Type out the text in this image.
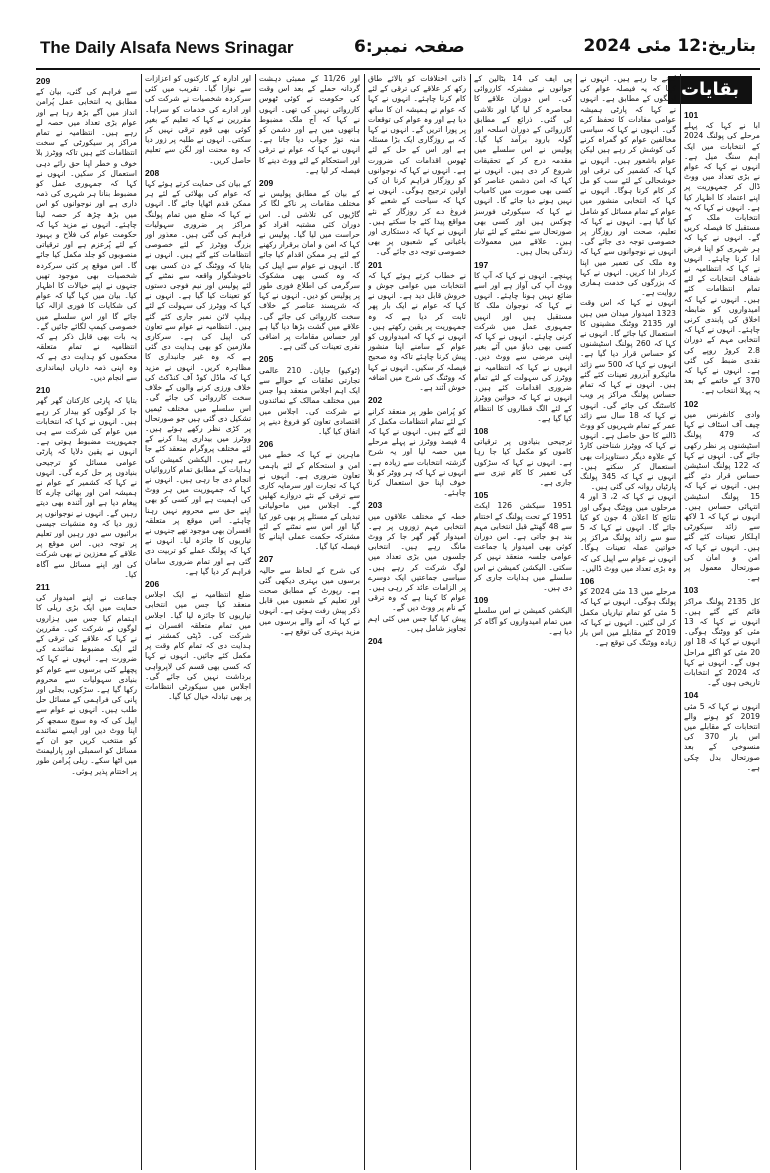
The Daily Alsafa News Srinagar	صفحہ نمبر:6	بتاریخ:12 مئی 2024
بقایات
209

سے فراہم کی گئی، بیان کے مطابق یہ انتخابی عمل پُرامن انداز میں آگے بڑھ رہا ہے اور عوام بڑی تعداد میں حصہ لے رہے ہیں۔ انتظامیہ نے تمام مراکز پر سیکورٹی کے سخت انتظامات کئے ہیں تاکہ ووٹرز بلا خوف و خطر اپنا حق رائے دہی استعمال کر سکیں۔ انہوں نے کہا کہ جمہوری عمل کو مضبوط بنانا ہر شہری کی ذمہ داری ہے اور نوجوانوں کو اس میں بڑھ چڑھ کر حصہ لینا چاہئے۔ انہوں نے مزید کہا کہ حکومت عوام کی فلاح و بہبود کے لئے پُرعزم ہے اور ترقیاتی منصوبوں کو جلد مکمل کیا جائے گا۔ اس موقع پر کئی سرکردہ شخصیات بھی موجود تھیں جنہوں نے اپنے خیالات کا اظہار کیا۔ بیان میں کہا گیا کہ عوام کی شکایات کا فوری ازالہ کیا جائے گا اور اس سلسلے میں خصوصی کیمپ لگائے جائیں گے۔ یہ بات بھی قابل ذکر ہے کہ انتظامیہ نے تمام متعلقہ محکموں کو ہدایت دی ہے کہ وہ اپنی ذمہ داریاں ایمانداری سے انجام دیں۔

210

بتایا کہ پارٹی کارکنان گھر گھر جا کر لوگوں کو بیدار کر رہے ہیں۔ انہوں نے کہا کہ انتخابات میں عوام کی شرکت سے ہی جمہوریت مضبوط ہوتی ہے۔ انہوں نے یقین دلایا کہ پارٹی عوامی مسائل کو ترجیحی بنیادوں پر حل کرے گی۔ انہوں نے کہا کہ کشمیر کے عوام نے ہمیشہ امن اور بھائی چارے کا پیغام دیا ہے اور آئندہ بھی دیتے رہیں گے۔ انہوں نے نوجوانوں پر زور دیا کہ وہ منشیات جیسی برائیوں سے دور رہیں اور تعلیم پر توجہ دیں۔ اس موقع پر علاقے کے معززین نے بھی شرکت کی اور اپنے مسائل سے آگاہ کیا۔

211

جماعت نے اپنے امیدوار کی حمایت میں ایک بڑی ریلی کا اہتمام کیا جس میں ہزاروں لوگوں نے شرکت کی۔ مقررین نے کہا کہ علاقے کی ترقی کے لئے ایک مضبوط نمائندے کی ضرورت ہے۔ انہوں نے کہا کہ پچھلے کئی برسوں سے عوام کو بنیادی سہولیات سے محروم رکھا گیا ہے۔ سڑکوں، بجلی اور پانی کی فراہمی کے مسائل حل طلب ہیں۔ انہوں نے عوام سے اپیل کی کہ وہ سوچ سمجھ کر اپنا ووٹ دیں اور ایسے نمائندے کو منتخب کریں جو ان کے مسائل کو اسمبلی اور پارلیمنٹ میں اٹھا سکے۔ ریلی پُرامن طور پر اختتام پذیر ہوئی۔

اور ادارہ کے کارکنوں کو اعزازات سے نوازا گیا۔ تقریب میں کئی سرکردہ شخصیات نے شرکت کی اور ادارے کی خدمات کو سراہا۔ مقررین نے کہا کہ تعلیم کے بغیر کوئی بھی قوم ترقی نہیں کر سکتی۔ انہوں نے طلبہ پر زور دیا کہ وہ محنت اور لگن سے تعلیم حاصل کریں۔

208

کے بیان کی حمایت کرتے ہوئے کہا کہ عوام کی بھلائی کے لئے ہر ممکن قدم اٹھایا جائے گا۔ انہوں نے کہا کہ ضلع میں تمام پولنگ مراکز پر ضروری سہولیات فراہم کی گئی ہیں۔ معذور اور بزرگ ووٹرز کے لئے خصوصی انتظامات کئے گئے ہیں۔ انہوں نے بتایا کہ ووٹنگ کے دن کسی بھی ناخوشگوار واقعہ سے نمٹنے کے لئے پولیس اور نیم فوجی دستوں کو تعینات کیا گیا ہے۔ انہوں نے کہا کہ ووٹرز کی سہولت کے لئے ہیلپ لائن نمبر جاری کئے گئے ہیں۔ انتظامیہ نے عوام سے تعاون کی اپیل کی ہے۔ سرکاری ملازمین کو بھی ہدایت دی گئی ہے کہ وہ غیر جانبداری کا مظاہرہ کریں۔ انہوں نے مزید کہا کہ ماڈل کوڈ آف کنڈکٹ کی خلاف ورزی کرنے والوں کے خلاف سخت کارروائی کی جائے گی۔ اس سلسلے میں مختلف ٹیمیں تشکیل دی گئی ہیں جو صورتحال پر کڑی نظر رکھے ہوئے ہیں۔ ووٹرز میں بیداری پیدا کرنے کے لئے مختلف پروگرام منعقد کئے جا رہے ہیں۔ الیکشن کمیشن کی ہدایات کے مطابق تمام کارروائیاں انجام دی جا رہی ہیں۔ انہوں نے کہا کہ جمہوریت میں ہر ووٹ کی اہمیت ہے اور کسی کو بھی اپنے حق سے محروم نہیں رہنا چاہئے۔ اس موقع پر متعلقہ افسران بھی موجود تھے جنہوں نے تیاریوں کا جائزہ لیا۔ انہوں نے کہا کہ پولنگ عملے کو تربیت دی گئی ہے اور تمام ضروری سامان فراہم کر دیا گیا ہے۔

206

ضلع انتظامیہ نے ایک اجلاس منعقد کیا جس میں انتخابی تیاریوں کا جائزہ لیا گیا۔ اجلاس میں تمام متعلقہ افسران نے شرکت کی۔ ڈپٹی کمشنر نے ہدایت دی کہ تمام کام وقت پر مکمل کئے جائیں۔ انہوں نے کہا کہ کسی بھی قسم کی لاپرواہی برداشت نہیں کی جائے گی۔ اجلاس میں سیکورٹی انتظامات پر بھی تبادلہ خیال کیا گیا۔

اور 11/26 کے ممبئی دہشت گردانہ حملے کے بعد اس وقت کی حکومت نے کوئی ٹھوس کارروائی نہیں کی تھی۔ انہوں نے کہا کہ آج ملک مضبوط ہاتھوں میں ہے اور دشمن کو منہ توڑ جواب دیا جاتا ہے۔ انہوں نے کہا کہ عوام نے ترقی اور استحکام کے لئے ووٹ دینے کا فیصلہ کر لیا ہے۔

209

کے بیان کے مطابق پولیس نے مختلف مقامات پر ناکے لگا کر گاڑیوں کی تلاشی لی۔ اس دوران کئی مشتبہ افراد کو حراست میں لیا گیا۔ پولیس نے کہا کہ امن و امان برقرار رکھنے کے لئے ہر ممکن اقدام کیا جائے گا۔ انہوں نے عوام سے اپیل کی کہ وہ کسی بھی مشکوک سرگرمی کی اطلاع فوری طور پر پولیس کو دیں۔ انہوں نے کہا کہ شرپسند عناصر کے خلاف سخت کارروائی کی جائے گی۔ علاقے میں گشت بڑھا دیا گیا ہے اور حساس مقامات پر اضافی نفری تعینات کی گئی ہے۔

205

(ٹوکیو) جاپان۔ 210 عالمی تجارتی تعلقات کے حوالے سے ایک اہم اجلاس منعقد ہوا جس میں مختلف ممالک کے نمائندوں نے شرکت کی۔ اجلاس میں اقتصادی تعاون کو فروغ دینے پر اتفاق کیا گیا۔

206

ماہرین نے کہا کہ خطے میں امن و استحکام کے لئے باہمی تعاون ضروری ہے۔ انہوں نے کہا کہ تجارت اور سرمایہ کاری سے ترقی کے نئے دروازے کھلیں گے۔ اجلاس میں ماحولیاتی تبدیلی کے مسئلے پر بھی غور کیا گیا اور اس سے نمٹنے کے لئے مشترکہ حکمت عملی اپنانے کا فیصلہ کیا گیا۔

207

کی شرح کے لحاظ سے حالیہ برسوں میں بہتری دیکھی گئی ہے۔ رپورٹ کے مطابق صحت اور تعلیم کے شعبوں میں قابل ذکر پیش رفت ہوئی ہے۔ انہوں نے کہا کہ آنے والے برسوں میں مزید بہتری کی توقع ہے۔

ذاتی اختلافات کو بالائے طاق رکھ کر علاقے کی ترقی کے لئے کام کرنا چاہئے۔ انہوں نے کہا کہ عوام نے ہمیشہ ان کا ساتھ دیا ہے اور وہ عوام کی توقعات پر پورا اتریں گے۔ انہوں نے کہا کہ بے روزگاری ایک بڑا مسئلہ ہے اور اس کے حل کے لئے ٹھوس اقدامات کی ضرورت ہے۔ انہوں نے کہا کہ نوجوانوں کو روزگار فراہم کرنا ان کی اولین ترجیح ہوگی۔ انہوں نے کہا کہ سیاحت کے شعبے کو فروغ دے کر روزگار کے نئے مواقع پیدا کئے جا سکتے ہیں۔ انہوں نے کہا کہ دستکاری اور باغبانی کے شعبوں پر بھی خصوصی توجہ دی جائے گی۔

201

نے خطاب کرتے ہوئے کہا کہ انتخابات میں عوامی جوش و خروش قابل دید ہے۔ انہوں نے کہا کہ عوام نے ایک بار پھر ثابت کر دیا ہے کہ وہ جمہوریت پر یقین رکھتے ہیں۔ انہوں نے کہا کہ امیدواروں کو عوام کے سامنے اپنا منشور پیش کرنا چاہئے تاکہ وہ صحیح فیصلہ کر سکیں۔ انہوں نے کہا کہ ووٹنگ کی شرح میں اضافہ خوش آئند ہے۔

202

کو پُرامن طور پر منعقد کرانے کے لئے تمام انتظامات مکمل کر لئے گئے ہیں۔ انہوں نے کہا کہ 4 فیصد ووٹرز نے پہلے مرحلے میں حصہ لیا اور یہ شرح گزشتہ انتخابات سے زیادہ ہے۔ انہوں نے کہا کہ ہر ووٹر کو بلا خوف اپنا حق استعمال کرنا چاہئے۔

203

خطہ کے مختلف علاقوں میں انتخابی مہم زوروں پر ہے۔ امیدوار گھر گھر جا کر ووٹ مانگ رہے ہیں۔ انتخابی جلسوں میں بڑی تعداد میں لوگ شرکت کر رہے ہیں۔ سیاسی جماعتیں ایک دوسرے پر الزامات عائد کر رہی ہیں۔ عوام کا کہنا ہے کہ وہ ترقی کے نام پر ووٹ دیں گے۔

پیش کیا گیا جس میں کئی اہم تجاویز شامل ہیں۔

204

پی ایف کی 14 بٹالین کے جوانوں نے مشترکہ کارروائی کی۔ اس دوران علاقے کا محاصرہ کر لیا گیا اور تلاشی لی گئی۔ ذرائع کے مطابق کارروائی کے دوران اسلحہ اور گولہ بارود برآمد کیا گیا۔ پولیس نے اس سلسلے میں مقدمہ درج کر کے تحقیقات شروع کر دی ہیں۔ انہوں نے کہا کہ امن دشمن عناصر کو کسی بھی صورت میں کامیاب نہیں ہونے دیا جائے گا۔ انہوں نے کہا کہ سیکورٹی فورسز چوکس ہیں اور کسی بھی صورتحال سے نمٹنے کے لئے تیار ہیں۔ علاقے میں معمولات زندگی بحال ہیں۔

197

پہنچے۔ انہوں نے کہا کہ آپ کا ووٹ آپ کی آواز ہے اور اسے ضائع نہیں ہونا چاہئے۔ انہوں نے کہا کہ نوجوان ملک کا مستقبل ہیں اور انہیں جمہوری عمل میں شرکت کرنی چاہئے۔ انہوں نے کہا کہ کسی بھی دباؤ میں آئے بغیر اپنی مرضی سے ووٹ دیں۔ انہوں نے کہا کہ انتظامیہ نے ووٹرز کی سہولت کے لئے تمام ضروری اقدامات کئے ہیں۔ انہوں نے کہا کہ خواتین ووٹرز کے لئے الگ قطاروں کا انتظام کیا گیا ہے۔

108

ترجیحی بنیادوں پر ترقیاتی کاموں کو مکمل کیا جا رہا ہے۔ انہوں نے کہا کہ سڑکوں کی تعمیر کا کام تیزی سے جاری ہے۔

105

1951 سیکشن 126 ایکٹ 1951 کے تحت پولنگ کے اختتام سے 48 گھنٹے قبل انتخابی مہم بند ہو جاتی ہے۔ اس دوران کوئی بھی امیدوار یا جماعت عوامی جلسہ منعقد نہیں کر سکتی۔ الیکشن کمیشن نے اس سلسلے میں ہدایات جاری کر دی ہیں۔

109

الیکشن کمیشن نے اس سلسلے میں تمام امیدواروں کو آگاہ کر دیا ہے۔

کرنے جا رہے ہیں۔ انہوں نے کہا کہ یہ فیصلہ عوام کی امنگوں کے مطابق ہے۔ انہوں نے کہا کہ پارٹی ہمیشہ عوامی مفادات کا تحفظ کرے گی۔ انہوں نے کہا کہ سیاسی مخالفین عوام کو گمراہ کرنے کی کوشش کر رہے ہیں لیکن عوام باشعور ہیں۔ انہوں نے کہا کہ کشمیر کی ترقی اور خوشحالی کے لئے سب کو مل کر کام کرنا ہوگا۔ انہوں نے کہا کہ انتخابی منشور میں عوام کے تمام مسائل کو شامل کیا گیا ہے۔ انہوں نے کہا کہ تعلیم، صحت اور روزگار پر خصوصی توجہ دی جائے گی۔ انہوں نے نوجوانوں سے کہا کہ وہ ملک کی تعمیر میں اپنا کردار ادا کریں۔ انہوں نے کہا کہ بزرگوں کی خدمت ہماری روایت ہے۔

انہوں نے کہا کہ اس وقت 1323 امیدوار میدان میں ہیں اور 2135 ووٹنگ مشینوں کا استعمال کیا جائے گا۔ انہوں نے کہا کہ 260 پولنگ اسٹیشنوں کو حساس قرار دیا گیا ہے۔ انہوں نے کہا کہ 500 سے زائد مائیکرو آبزرور تعینات کئے گئے ہیں۔ انہوں نے کہا کہ تمام حساس پولنگ مراکز پر ویب کاسٹنگ کی جائے گی۔ انہوں نے کہا کہ 18 سال سے زائد عمر کے تمام شہریوں کو ووٹ ڈالنے کا حق حاصل ہے۔ انہوں نے کہا کہ ووٹرز شناختی کارڈ کے علاوہ دیگر دستاویزات بھی استعمال کر سکتے ہیں۔ انہوں نے کہا کہ 345 پولنگ پارٹیاں روانہ کی گئی ہیں۔

انہوں نے کہا کہ 2، 3 اور 4 مرحلوں میں ووٹنگ ہوگی اور نتائج کا اعلان 4 جون کو کیا جائے گا۔ انہوں نے کہا کہ 5 سو سے زائد پولنگ مراکز پر خواتین عملہ تعینات ہوگا۔ انہوں نے عوام سے اپیل کی کہ وہ بڑی تعداد میں ووٹ ڈالیں۔

106

مرحلے میں 13 مئی 2024 کو پولنگ ہوگی۔ انہوں نے کہا کہ 5 مئی کو تمام تیاریاں مکمل کر لی گئیں۔ انہوں نے کہا کہ 2019 کے مقابلے میں اس بار زیادہ ووٹنگ کی توقع ہے۔

101

ابا نے کہا کہ پہلے مرحلے کی پولنگ 2024 کے انتخابات میں ایک اہم سنگ میل ہے۔ انہوں نے کہا کہ عوام نے بڑی تعداد میں ووٹ ڈال کر جمہوریت پر اپنے اعتماد کا اظہار کیا ہے۔ انہوں نے کہا کہ یہ انتخابات ملک کے مستقبل کا فیصلہ کریں گے۔ انہوں نے کہا کہ ہر شہری کو اپنا فرض ادا کرنا چاہئے۔ انہوں نے کہا کہ انتظامیہ نے شفاف انتخابات کے لئے تمام انتظامات کئے ہیں۔ انہوں نے کہا کہ امیدواروں کو ضابطہ اخلاق کی پابندی کرنی چاہئے۔ انہوں نے کہا کہ انتخابی مہم کے دوران 2.8 کروڑ روپے کی نقدی ضبط کی گئی ہے۔ انہوں نے کہا کہ 370 کے خاتمے کے بعد یہ پہلا انتخاب ہے۔

102

وادی کانفرنس میں چیف آف اسٹاف نے کہا کہ 479 پولنگ اسٹیشنوں پر نظر رکھی جائے گی۔ انہوں نے کہا کہ 122 پولنگ اسٹیشن حساس قرار دئے گئے ہیں۔ انہوں نے کہا کہ 15 پولنگ اسٹیشن انتہائی حساس ہیں۔ انہوں نے کہا کہ 1 لاکھ سے زائد سیکورٹی اہلکار تعینات کئے گئے ہیں۔ انہوں نے کہا کہ امن و امان کی صورتحال معمول پر ہے۔

103

کل 2135 پولنگ مراکز قائم کئے گئے ہیں۔ انہوں نے کہا کہ 13 مئی کو ووٹنگ ہوگی۔ انہوں نے کہا کہ 18 اور 20 مئی کو اگلے مراحل ہوں گے۔ انہوں نے کہا کہ 2024 کے انتخابات تاریخی ہوں گے۔

104

انہوں نے کہا کہ 5 مئی 2019 کو ہونے والے انتخابات کے مقابلے میں اس بار 370 کی منسوخی کے بعد صورتحال بدل چکی ہے۔
